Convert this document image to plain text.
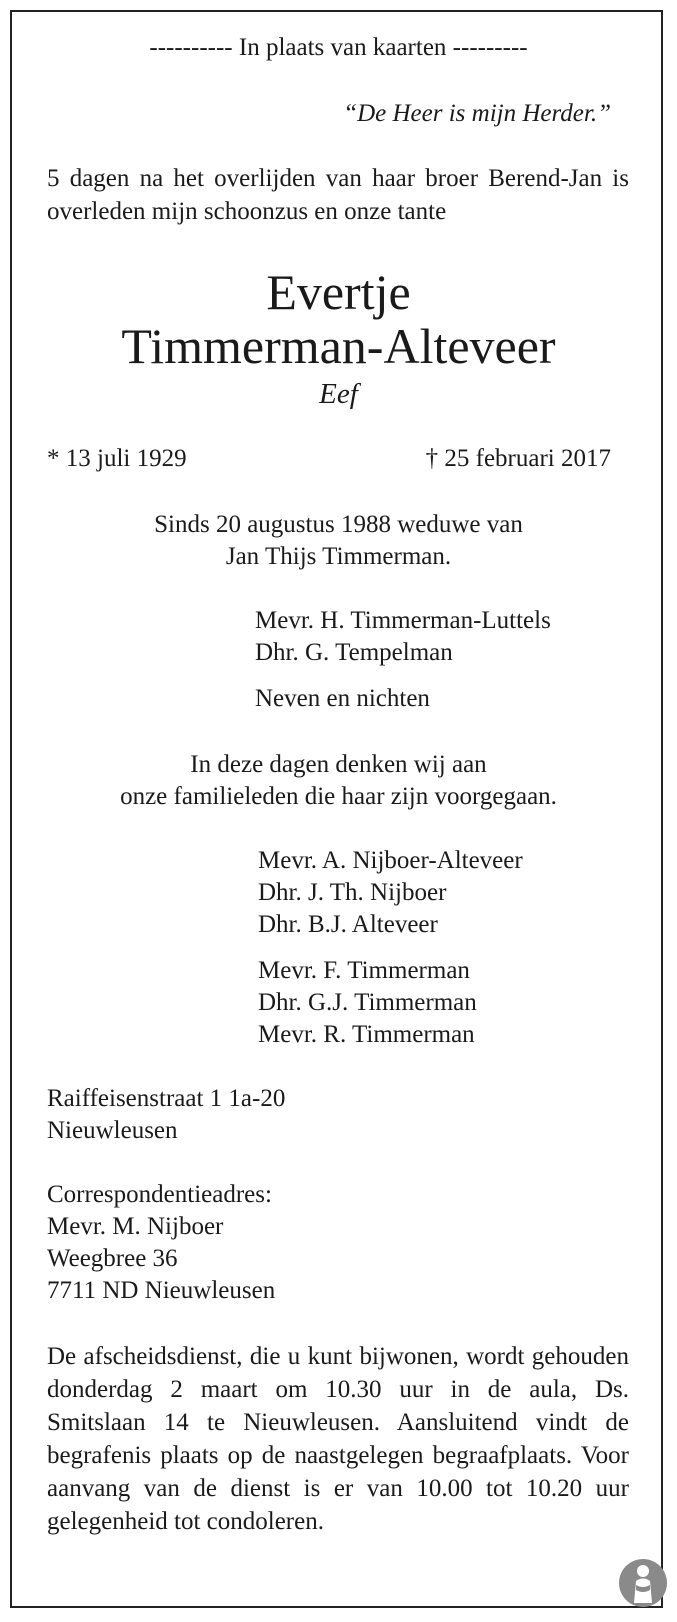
---------- In plaats van kaarten ---------
“De Heer is mijn Herder.”
5 dagen na het overlijden van haar broer Berend-Jan is overleden mijn schoonzus en onze tante
Evertje
Timmerman-Alteveer
Eef
* 13 juli 1929	† 25 februari 2017
Sinds 20 augustus 1988 weduwe van
Jan Thijs Timmerman.
Mevr. H. Timmerman-Luttels
Dhr. G. Tempelman
Neven en nichten
In deze dagen denken wij aan
onze familieleden die haar zijn voorgegaan.
Mevr. A. Nijboer-Alteveer
Dhr. J. Th. Nijboer
Dhr. B.J. Alteveer
Mevr. F. Timmerman
Dhr. G.J. Timmerman
Mevr. R. Timmerman
Raiffeisenstraat 1 1a-20
Nieuwleusen
Correspondentieadres:
Mevr. M. Nijboer
Weegbree 36
7711 ND Nieuwleusen
De afscheidsdienst, die u kunt bijwonen, wordt gehouden donderdag 2 maart om 10.30 uur in de aula, Ds. Smitslaan 14 te Nieuwleusen. Aansluitend vindt de begrafenis plaats op de naastgelegen begraafplaats. Voor aanvang van de dienst is er van 10.00 tot 10.20 uur gelegenheid tot condoleren.
